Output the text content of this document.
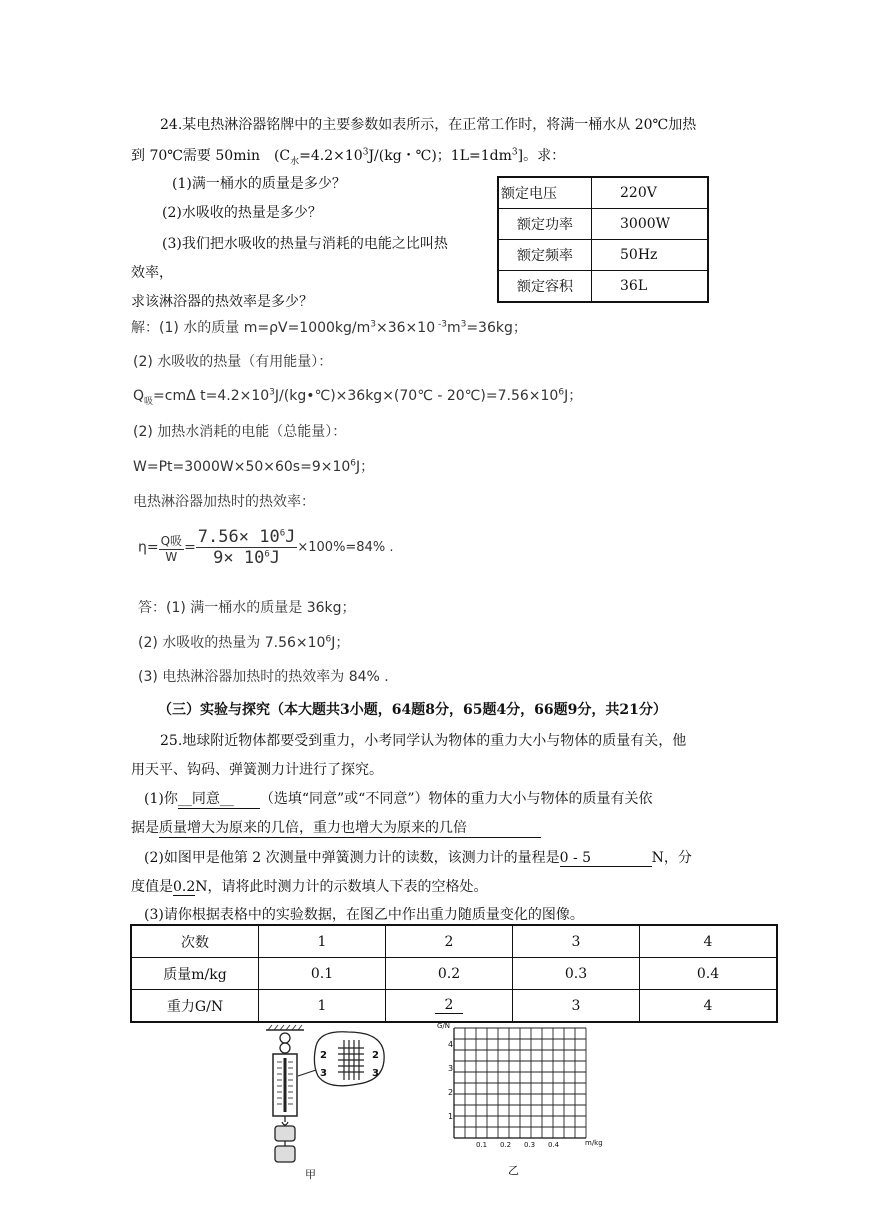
24.某电热淋浴器铭牌中的主要参数如表所示，在正常工作时，将满一桶水从 20℃加热
到 70℃需要 50min　($C_水=4.2\times 10^3J/(kg$・℃)；$1L=1dm^3$]。求：
(1)满一桶水的质量是多少？
(2)水吸收的热量是多少？
(3)我们把水吸收的热量与消耗的电能之比叫热
效率，
求该淋浴器的热效率是多少？
额定电压	220V
额定功率	3000W
额定频率	50Hz
额定容积	36L
解：(1) 水的质量 $m=\rho V=1000kg/m^3\times 36\times 10$ $^{-3}m^3=36kg$；
(2) 水吸收的热量（有用能量）：
$Q_吸=cm\Delta$ $t=4.2\times 10^3J/(kg•℃)\times 36kg\times(70℃$ - $20℃)=7.56\times 10^6J$；
(2) 加热水消耗的电能（总能量）：
$W=Pt=3000W\times 50\times 60s=9\times 10^6J$；
电热淋浴器加热时的热效率：
$\eta= \frac{\text{Q吸}}{W} = \frac{7.56\times 10^6J}{9\times 10^6J} \times 100\%=84\%$ .
答：(1) 满一桶水的质量是 36kg；
(2) 水吸收的热量为 $7.56\times 10^6J$；
(3) 电热淋浴器加热时的热效率为 84% .
（三）实验与探究（本大题共3小题，64题8分，65题4分，66题9分，共21分）
25.地球附近物体都要受到重力，小考同学认为物体的重力大小与物体的质量有关，他
用天平、钩码、弹簧测力计进行了探究。
(1)你__同意__ （选填“同意”或“不同意”）物体的重力大小与物体的质量有关依
据是质量增大为原来的几倍，重力也增大为原来的几倍
(2)如图甲是他第 2 次测量中弹簧测力计的读数，该测力计的量程是0 - 5	N，分
度值是0.2N，请将此时测力计的示数填人下表的空格处。
(3)请你根据表格中的实验数据，在图乙中作出重力随质量变化的图像。
次数	1	2	3	4
质量m/kg	0.1	0.2	0.3	0.4
重力G/N	1	2	3	4
2
3
2
3
甲
G/N
m/kg
1
2
3
4
0.1 0.2 0.3 0.4
乙
